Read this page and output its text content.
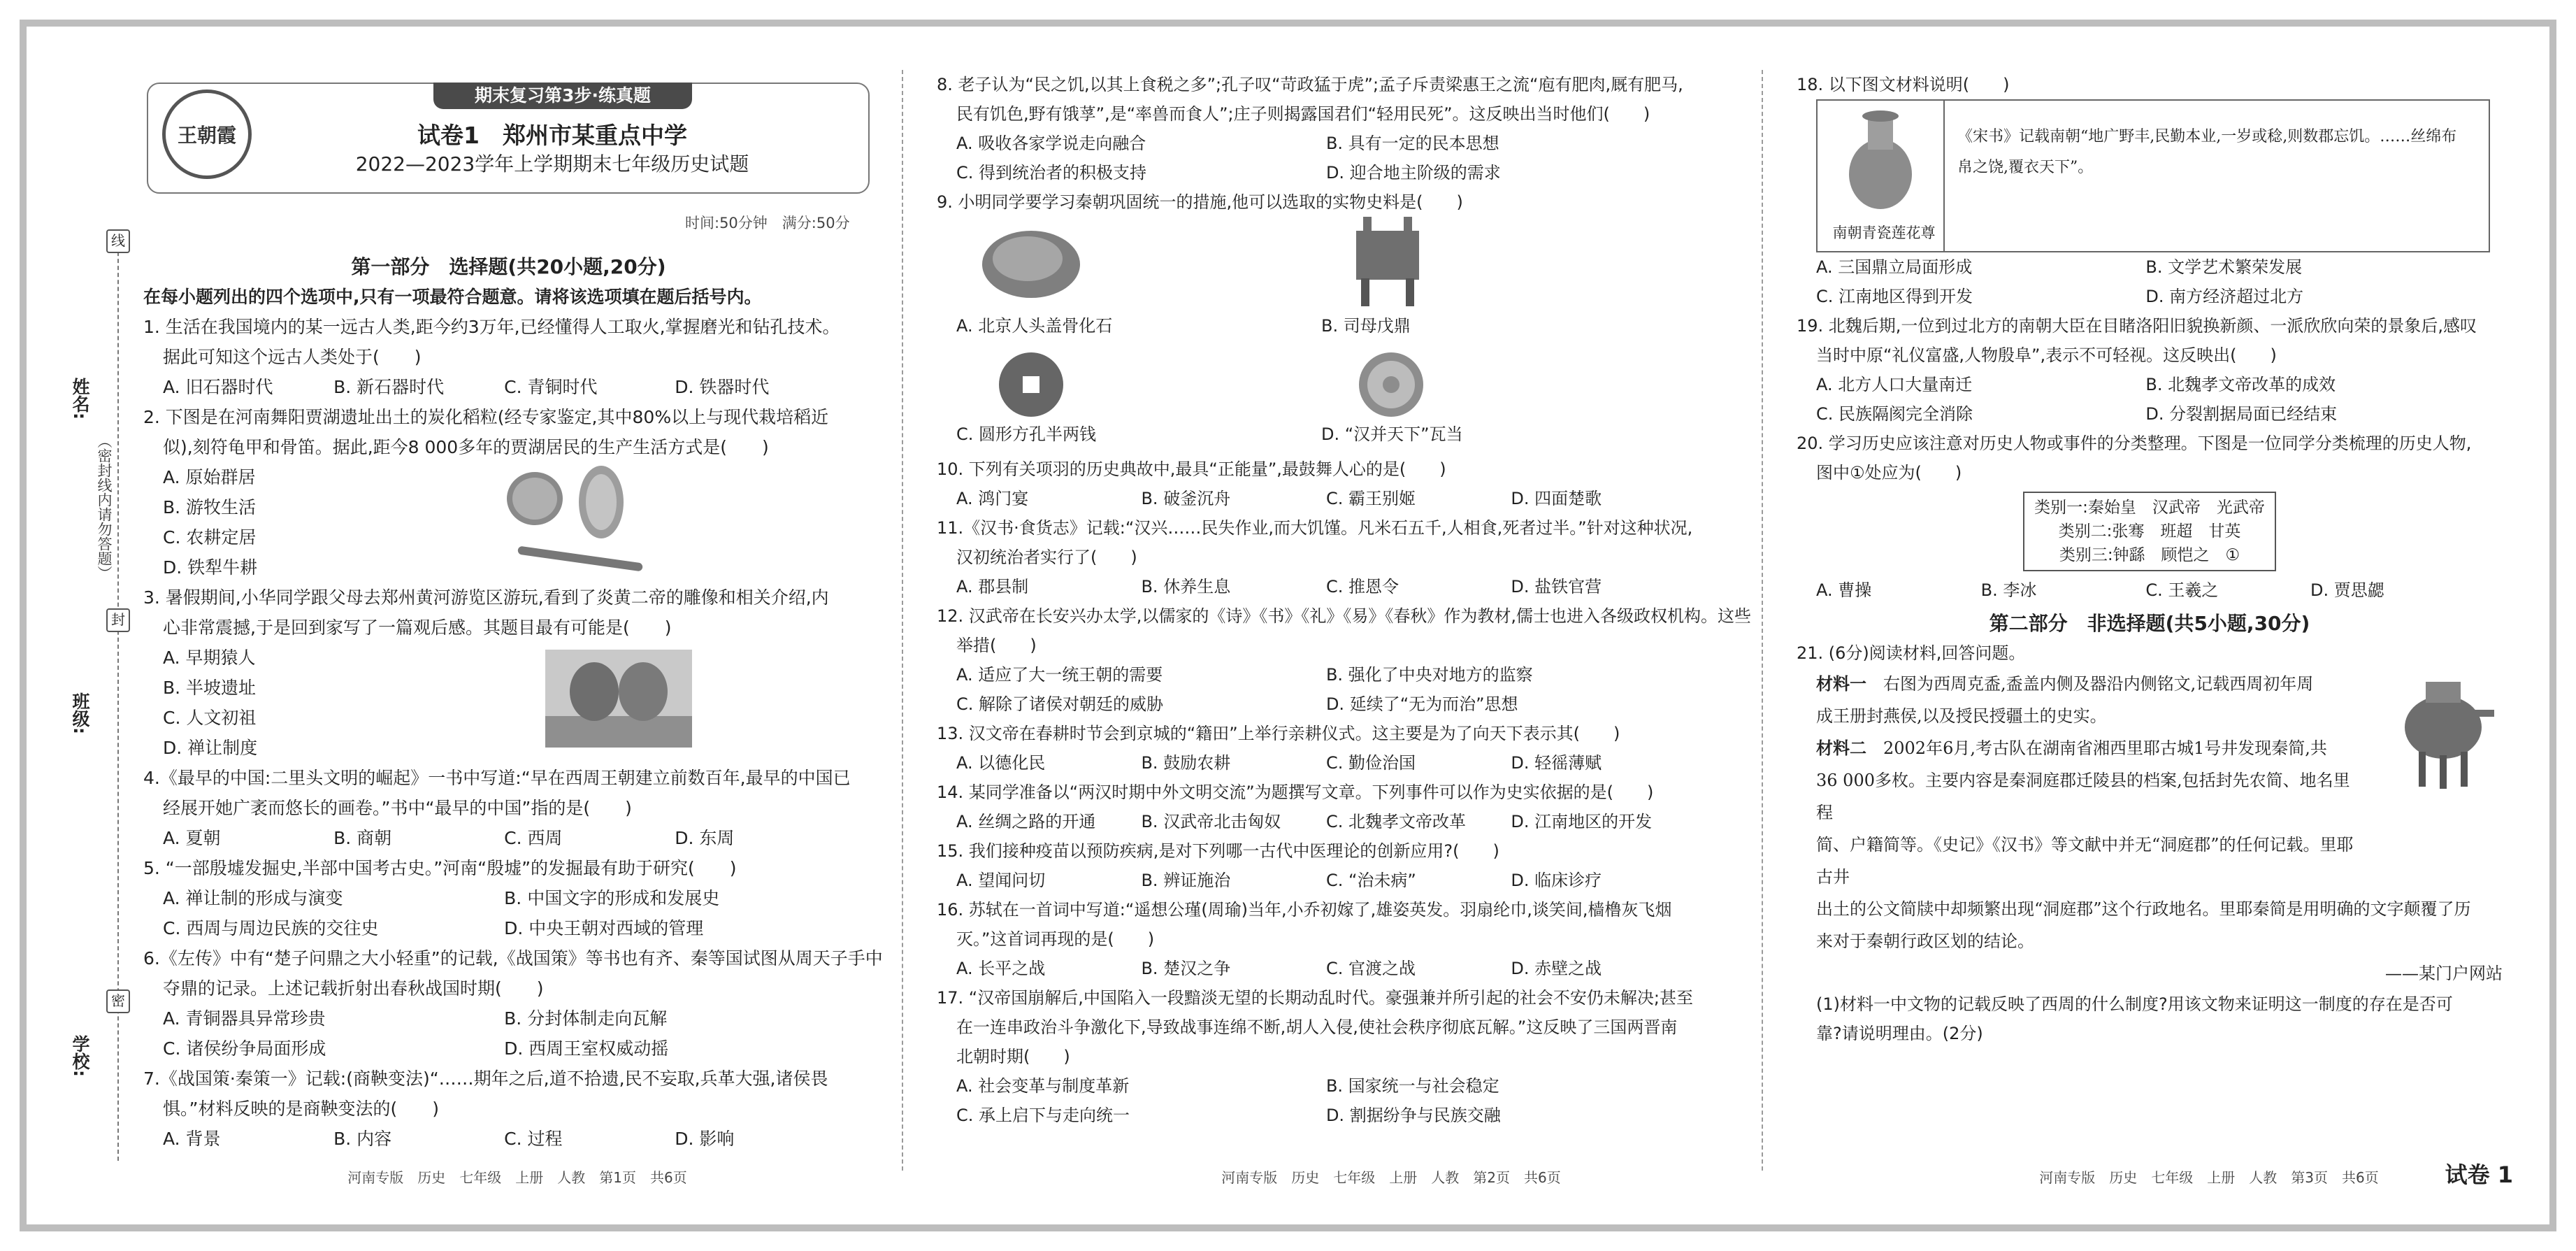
姓名:
班级:
学校:
（密封线内请勿答题）
线
封
密
王朝霞
期末复习第3步·练真题
试卷1　郑州市某重点中学
2022—2023学年上学期期末七年级历史试题
时间:50分钟　满分:50分
第一部分　选择题(共20小题,20分)
在每小题列出的四个选项中,只有一项最符合题意。请将该选项填在题后括号内。
1. 生活在我国境内的某一远古人类,距今约3万年,已经懂得人工取火,掌握磨光和钻孔技术。
据此可知这个远古人类处于(　　)
A. 旧石器时代	B. 新石器时代	C. 青铜时代	D. 铁器时代
2. 下图是在河南舞阳贾湖遗址出土的炭化稻粒(经专家鉴定,其中80%以上与现代栽培稻近
似),刻符龟甲和骨笛。据此,距今8 000多年的贾湖居民的生产生活方式是(　　)
A. 原始群居
B. 游牧生活
C. 农耕定居
D. 铁犁牛耕
3. 暑假期间,小华同学跟父母去郑州黄河游览区游玩,看到了炎黄二帝的雕像和相关介绍,内
心非常震撼,于是回到家写了一篇观后感。其题目最有可能是(　　)
A. 早期猿人
B. 半坡遗址
C. 人文初祖
D. 禅让制度
4.《最早的中国:二里头文明的崛起》一书中写道:“早在西周王朝建立前数百年,最早的中国已
经展开她广袤而悠长的画卷。”书中“最早的中国”指的是(　　)
A. 夏朝	B. 商朝	C. 西周	D. 东周
5. “一部殷墟发掘史,半部中国考古史。”河南“殷墟”的发掘最有助于研究(　　)
A. 禅让制的形成与演变	B. 中国文字的形成和发展史
C. 西周与周边民族的交往史	D. 中央王朝对西域的管理
6.《左传》中有“楚子问鼎之大小轻重”的记载,《战国策》等书也有齐、秦等国试图从周天子手中
夺鼎的记录。上述记载折射出春秋战国时期(　　)
A. 青铜器具异常珍贵	B. 分封体制走向瓦解
C. 诸侯纷争局面形成	D. 西周王室权威动摇
7.《战国策·秦策一》记载:(商鞅变法)“……期年之后,道不拾遗,民不妄取,兵革大强,诸侯畏
惧。”材料反映的是商鞅变法的(　　)
A. 背景	B. 内容	C. 过程	D. 影响
8. 老子认为“民之饥,以其上食税之多”;孔子叹“苛政猛于虎”;孟子斥责梁惠王之流“庖有肥肉,厩有肥马,
民有饥色,野有饿莩”,是“率兽而食人”;庄子则揭露国君们“轻用民死”。这反映出当时他们(　　)
A. 吸收各家学说走向融合	B. 具有一定的民本思想
C. 得到统治者的积极支持	D. 迎合地主阶级的需求
9. 小明同学要学习秦朝巩固统一的措施,他可以选取的实物史料是(　　)
A. 北京人头盖骨化石	B. 司母戊鼎
C. 圆形方孔半两钱	D. “汉并天下”瓦当
10. 下列有关项羽的历史典故中,最具“正能量”,最鼓舞人心的是(　　)
A. 鸿门宴	B. 破釜沉舟	C. 霸王别姬	D. 四面楚歌
11.《汉书·食货志》记载:“汉兴……民失作业,而大饥馑。凡米石五千,人相食,死者过半。”针对这种状况,
汉初统治者实行了(　　)
A. 郡县制	B. 休养生息	C. 推恩令	D. 盐铁官营
12. 汉武帝在长安兴办太学,以儒家的《诗》《书》《礼》《易》《春秋》作为教材,儒士也进入各级政权机构。这些
举措(　　)
A. 适应了大一统王朝的需要	B. 强化了中央对地方的监察
C. 解除了诸侯对朝廷的威胁	D. 延续了“无为而治”思想
13. 汉文帝在春耕时节会到京城的“籍田”上举行亲耕仪式。这主要是为了向天下表示其(　　)
A. 以德化民	B. 鼓励农耕	C. 勤俭治国	D. 轻徭薄赋
14. 某同学准备以“两汉时期中外文明交流”为题撰写文章。下列事件可以作为史实依据的是(　　)
A. 丝绸之路的开通	B. 汉武帝北击匈奴	C. 北魏孝文帝改革	D. 江南地区的开发
15. 我们接种疫苗以预防疾病,是对下列哪一古代中医理论的创新应用?(　　)
A. 望闻问切	B. 辨证施治	C. “治未病”	D. 临床诊疗
16. 苏轼在一首词中写道:“遥想公瑾(周瑜)当年,小乔初嫁了,雄姿英发。羽扇纶巾,谈笑间,樯橹灰飞烟
灭。”这首词再现的是(　　)
A. 长平之战	B. 楚汉之争	C. 官渡之战	D. 赤壁之战
17. “汉帝国崩解后,中国陷入一段黯淡无望的长期动乱时代。豪强兼并所引起的社会不安仍未解决;甚至
在一连串政治斗争激化下,导致战事连绵不断,胡人入侵,使社会秩序彻底瓦解。”这反映了三国两晋南
北朝时期(　　)
A. 社会变革与制度革新	B. 国家统一与社会稳定
C. 承上启下与走向统一	D. 割据纷争与民族交融
18. 以下图文材料说明(　　)
南朝青瓷莲花尊
《宋书》记载南朝“地广野丰,民勤本业,一岁或稔,则数郡忘饥。……丝绵布帛之饶,覆衣天下”。
A. 三国鼎立局面形成	B. 文学艺术繁荣发展
C. 江南地区得到开发	D. 南方经济超过北方
19. 北魏后期,一位到过北方的南朝大臣在目睹洛阳旧貌换新颜、一派欣欣向荣的景象后,感叹
当时中原“礼仪富盛,人物殷阜”,表示不可轻视。这反映出(　　)
A. 北方人口大量南迁	B. 北魏孝文帝改革的成效
C. 民族隔阂完全消除	D. 分裂割据局面已经结束
20. 学习历史应该注意对历史人物或事件的分类整理。下图是一位同学分类梳理的历史人物,
图中①处应为(　　)
类别一:秦始皇　汉武帝　光武帝
类别二:张骞　班超　甘英
类别三:钟繇　顾恺之　①
A. 曹操	B. 李冰	C. 王羲之	D. 贾思勰
第二部分　非选择题(共5小题,30分)
21. (6分)阅读材料,回答问题。
材料一　 右图为西周克盉,盉盖内侧及器沿内侧铭文,记载西周初年周
成王册封燕侯,以及授民授疆土的史实。
材料二　 2002年6月,考古队在湖南省湘西里耶古城1号井发现秦简,共
36 000多枚。主要内容是秦洞庭郡迁陵县的档案,包括封先农简、地名里程
简、户籍简等。《史记》《汉书》等文献中并无“洞庭郡”的任何记载。里耶古井
出土的公文简牍中却频繁出现“洞庭郡”这个行政地名。里耶秦简是用明确的文字颠覆了历
来对于秦朝行政区划的结论。
——某门户网站
(1)材料一中文物的记载反映了西周的什么制度?用该文物来证明这一制度的存在是否可
靠?请说明理由。(2分)
河南专版　历史　七年级　上册　人教　第1页　共6页	河南专版　历史　七年级　上册　人教　第2页　共6页	河南专版　历史　七年级　上册　人教　第3页　共6页	试卷 1
